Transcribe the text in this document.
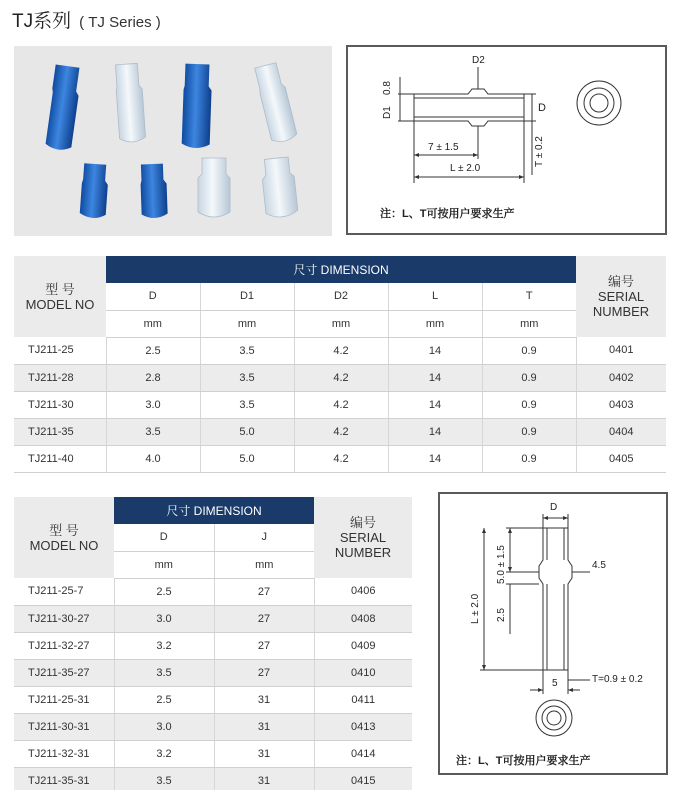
TJ系列 ( TJ Series )
0.8
D1
D2
D
7 ± 1.5	T ± 0.2
L ± 2.0
注：L、T可按用户要求生产
型 号
MODEL NO	尺寸 DIMENSION					编号
SERIAL
NUMBER

	D	D1	D2	L	T	
	mm	mm	mm	mm	mm	
TJ211-25	2.5	3.5	4.2	14	0.9	0401
TJ211-28	2.8	3.5	4.2	14	0.9	0402
TJ211-30	3.0	3.5	4.2	14	0.9	0403
TJ211-35	3.5	5.0	4.2	14	0.9	0404
TJ211-40	4.0	5.0	4.2	14	0.9	0405
型 号
MODEL NO	尺寸 DIMENSION		编号
SERIAL
NUMBER

	D	J	
	mm	mm	
TJ211-25-7	2.5	27	0406
TJ211-30-27	3.0	27	0408
TJ211-32-27	3.2	27	0409
TJ211-35-27	3.5	27	0410
TJ211-25-31	2.5	31	0411
TJ211-30-31	3.0	31	0413
TJ211-32-31	3.2	31	0414
TJ211-35-31	3.5	31	0415
D
5.0 ± 1.5	4.5
L ± 2.0 2.5
5	T=0.9 ± 0.2
注：L、T可按用户要求生产
